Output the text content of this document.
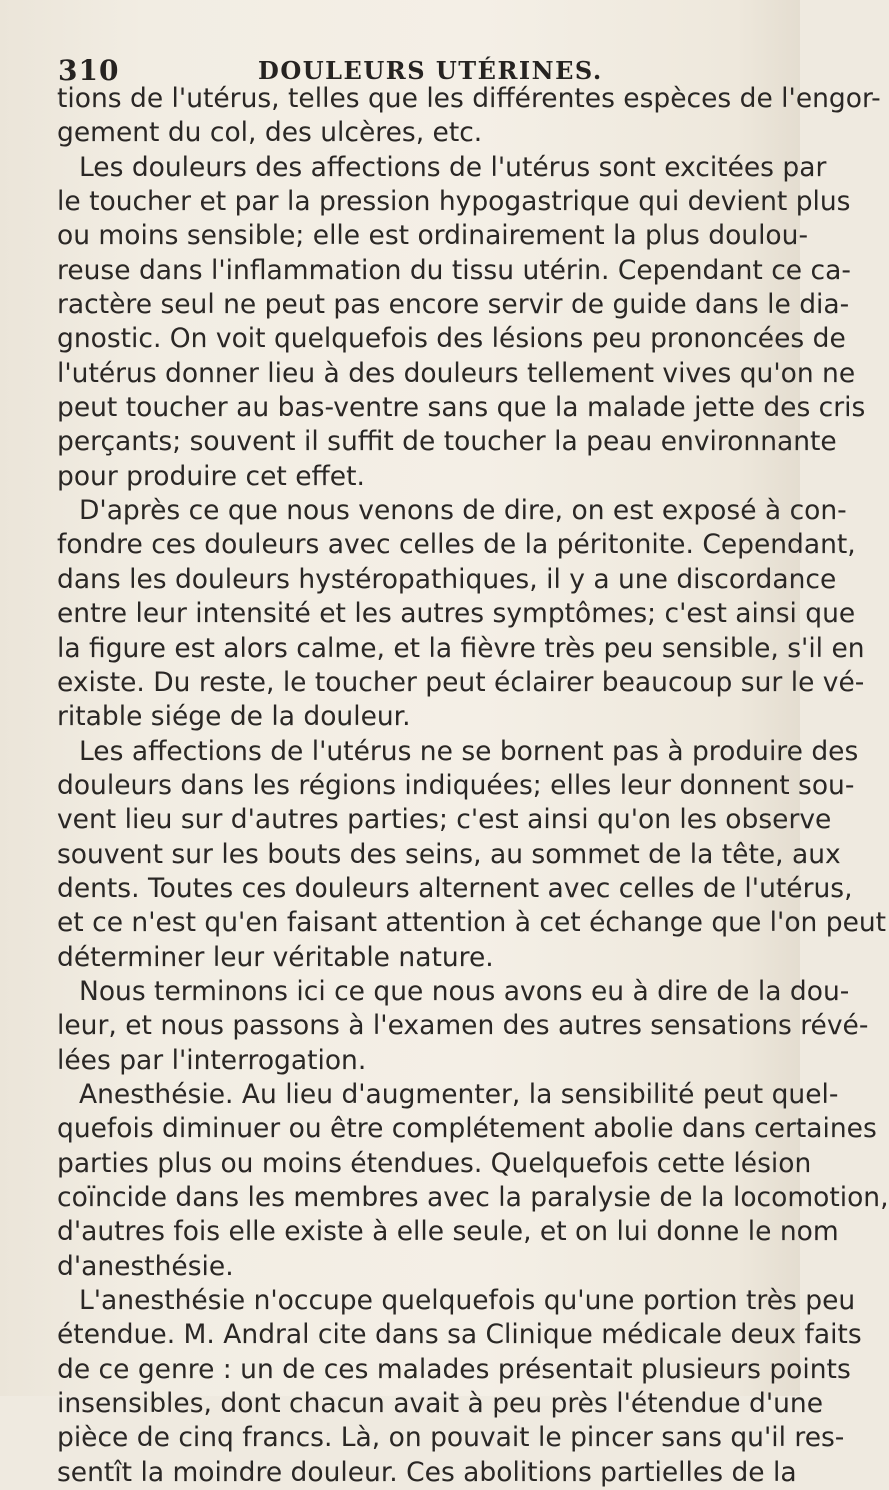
310	DOULEURS UTÉRINES.
tions de l'utérus, telles que les différentes espèces de l'engor-
gement du col, des ulcères, etc.
Les douleurs des affections de l'utérus sont excitées par
le toucher et par la pression hypogastrique qui devient plus
ou moins sensible; elle est ordinairement la plus doulou-
reuse dans l'inflammation du tissu utérin. Cependant ce ca-
ractère seul ne peut pas encore servir de guide dans le dia-
gnostic. On voit quelquefois des lésions peu prononcées de
l'utérus donner lieu à des douleurs tellement vives qu'on ne
peut toucher au bas-ventre sans que la malade jette des cris
perçants; souvent il suffit de toucher la peau environnante
pour produire cet effet.
D'après ce que nous venons de dire, on est exposé à con-
fondre ces douleurs avec celles de la péritonite. Cependant,
dans les douleurs hystéropathiques, il y a une discordance
entre leur intensité et les autres symptômes; c'est ainsi que
la figure est alors calme, et la fièvre très peu sensible, s'il en
existe. Du reste, le toucher peut éclairer beaucoup sur le vé-
ritable siége de la douleur.
Les affections de l'utérus ne se bornent pas à produire des
douleurs dans les régions indiquées; elles leur donnent sou-
vent lieu sur d'autres parties; c'est ainsi qu'on les observe
souvent sur les bouts des seins, au sommet de la tête, aux
dents. Toutes ces douleurs alternent avec celles de l'utérus,
et ce n'est qu'en faisant attention à cet échange que l'on peut
déterminer leur véritable nature.
Nous terminons ici ce que nous avons eu à dire de la dou-
leur, et nous passons à l'examen des autres sensations révé-
lées par l'interrogation.
Anesthésie. Au lieu d'augmenter, la sensibilité peut quel-
quefois diminuer ou être complétement abolie dans certaines
parties plus ou moins étendues. Quelquefois cette lésion
coïncide dans les membres avec la paralysie de la locomotion,
d'autres fois elle existe à elle seule, et on lui donne le nom
d'anesthésie.
L'anesthésie n'occupe quelquefois qu'une portion très peu
étendue. M. Andral cite dans sa Clinique médicale deux faits
de ce genre : un de ces malades présentait plusieurs points
insensibles, dont chacun avait à peu près l'étendue d'une
pièce de cinq francs. Là, on pouvait le pincer sans qu'il res-
sentît la moindre douleur. Ces abolitions partielles de la
